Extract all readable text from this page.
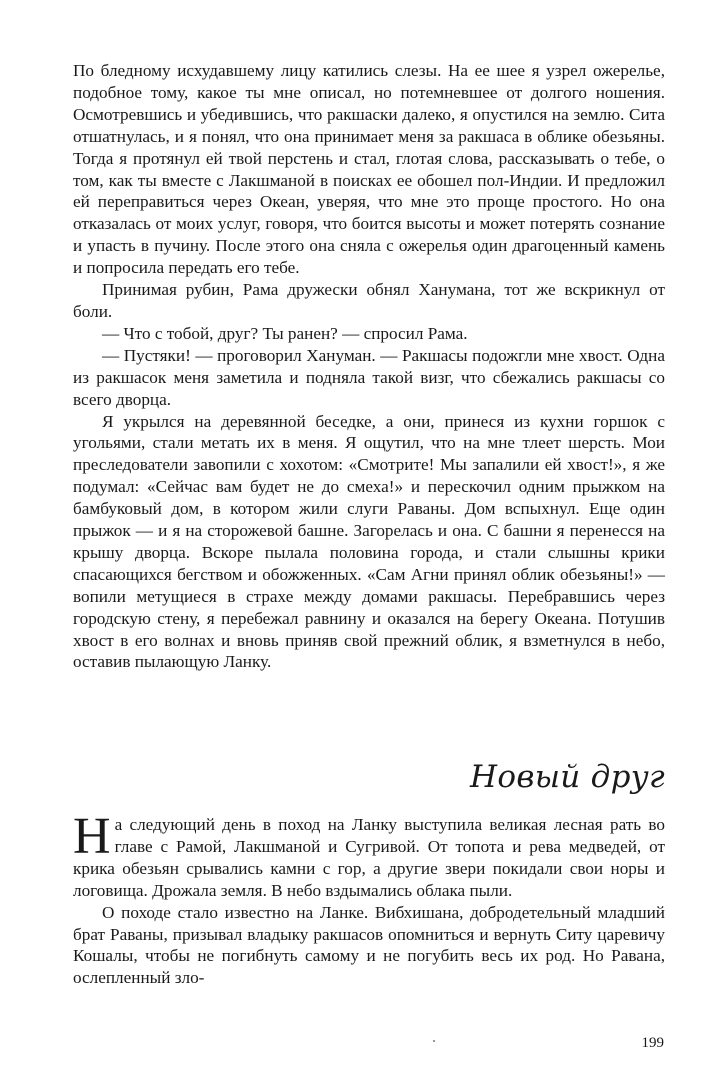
По бледному исхудавшему лицу катились слезы. На ее шее я узрел ожерелье, подобное тому, какое ты мне описал, но потемневшее от долгого ношения. Осмотревшись и убедившись, что ракшаски далеко, я опустился на землю. Сита отшатнулась, и я понял, что она принимает меня за ракшаса в облике обезьяны. Тогда я протянул ей твой перстень и стал, глотая слова, рассказывать о тебе, о том, как ты вместе с Лакшманой в поисках ее обошел пол-Индии. И предложил ей переправиться через Океан, уверяя, что мне это проще простого. Но она отказалась от моих услуг, говоря, что боится высоты и может потерять сознание и упасть в пучину. После этого она сняла с ожерелья один драгоценный камень и попросила передать его тебе.

Принимая рубин, Рама дружески обнял Ханумана, тот же вскрикнул от боли.

— Что с тобой, друг? Ты ранен? — спросил Рама.

— Пустяки! — проговорил Хануман. — Ракшасы подожгли мне хвост. Одна из ракшасок меня заметила и подняла такой визг, что сбежались ракшасы со всего дворца.

Я укрылся на деревянной беседке, а они, принеся из кухни горшок с угольями, стали метать их в меня. Я ощутил, что на мне тлеет шерсть. Мои преследователи завопили с хохотом: «Смотрите! Мы запалили ей хвост!», я же подумал: «Сейчас вам будет не до смеха!» и перескочил одним прыжком на бамбуковый дом, в котором жили слуги Раваны. Дом вспыхнул. Еще один прыжок — и я на сторожевой башне. Загорелась и она. С башни я перенесся на крышу дворца. Вскоре пылала половина города, и стали слышны крики спасающихся бегством и обожженных. «Сам Агни принял облик обезьяны!» — вопили метущиеся в страхе между домами ракшасы. Перебравшись через городскую стену, я перебежал равнину и оказался на берегу Океана. Потушив хвост в его волнах и вновь приняв свой прежний облик, я взметнулся в небо, оставив пылающую Ланку.

Новый друг

На следующий день в поход на Ланку выступила великая лесная рать во главе с Рамой, Лакшманой и Сугривой. От топота и рева медведей, от крика обезьян срывались камни с гор, а другие звери покидали свои норы и логовища. Дрожала земля. В небо вздымались облака пыли.

О походе стало известно на Ланке. Вибхишана, добродетельный младший брат Раваны, призывал владыку ракшасов опомниться и вернуть Ситу царевичу Кошалы, чтобы не погибнуть самому и не погубить весь их род. Но Равана, ослепленный зло-

199
